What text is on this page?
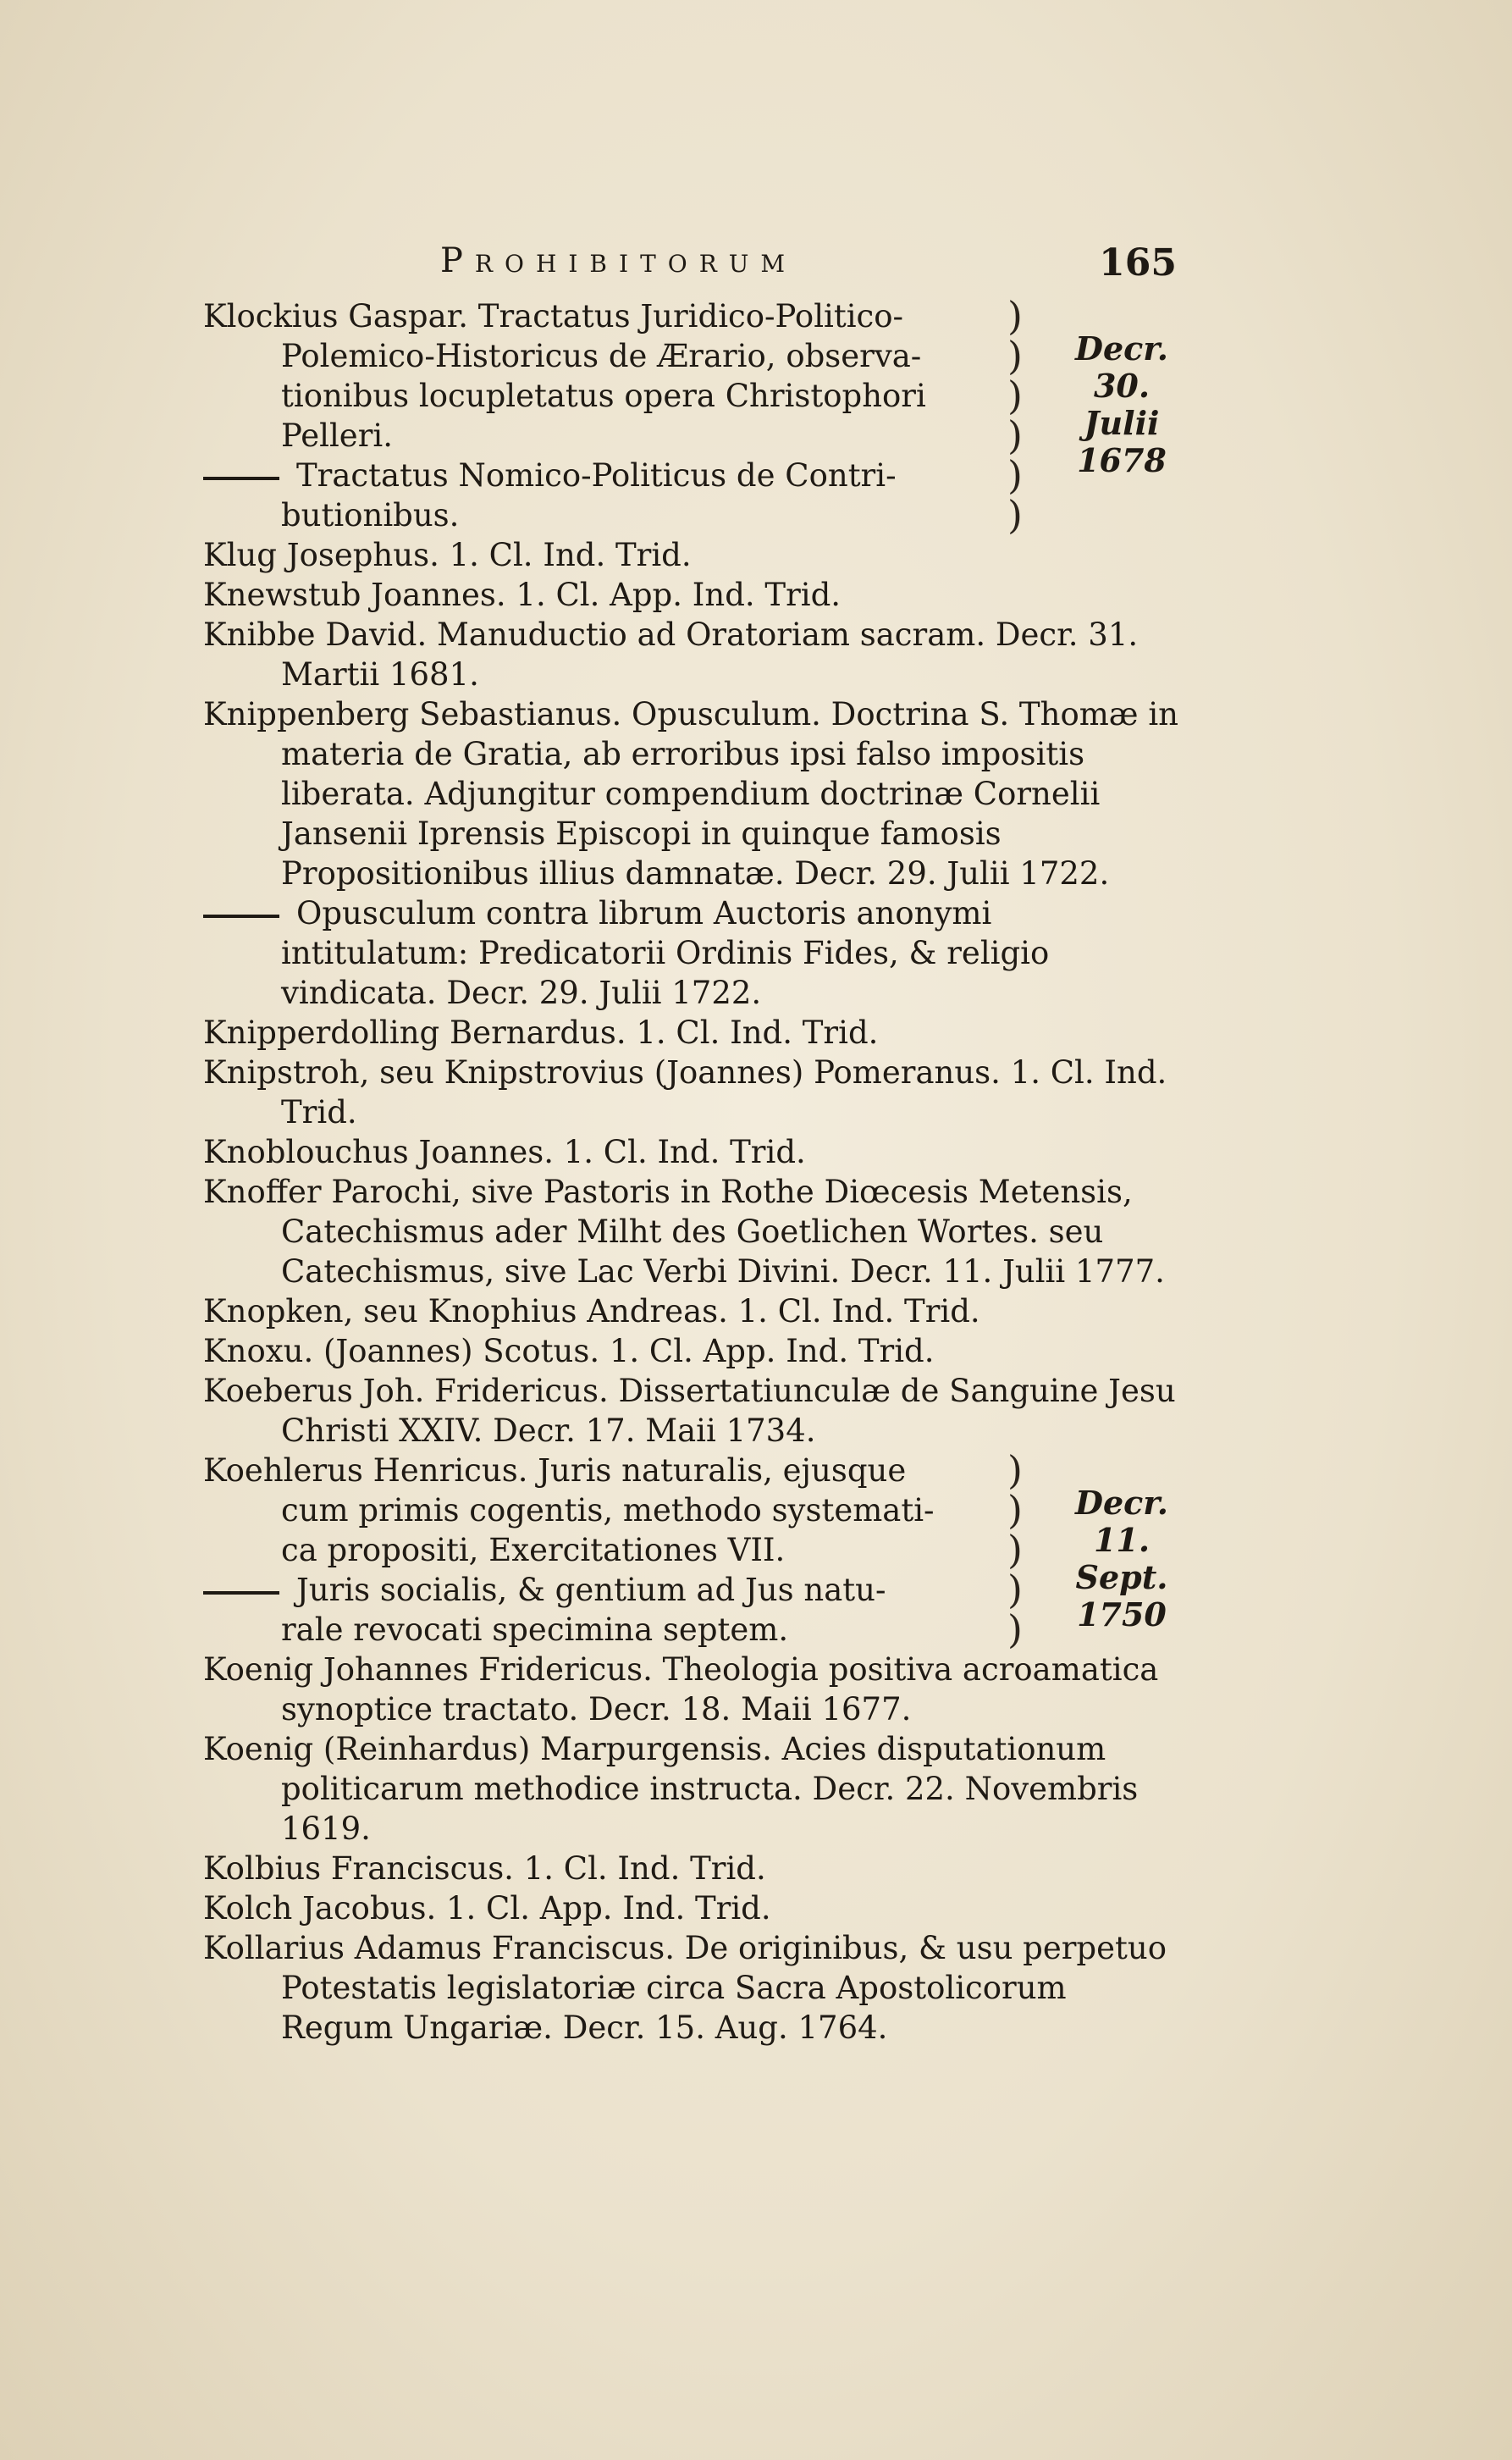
Prohibitorum	165
Klockius Gaspar. Tractatus Juridico-Politico-
Polemico-Historicus de Ærario, observa-
tionibus locupletatus opera Christophori
Pelleri.
Tractatus Nomico-Politicus de Contri-
butionibus.
)
)
)
)
)
)
Decr.
30. Julii
1678
Klug Josephus. 1. Cl. Ind. Trid.
Knewstub Joannes. 1. Cl. App. Ind. Trid.
Knibbe David. Manuductio ad Oratoriam sacram. Decr. 31. Martii 1681.
Knippenberg Sebastianus. Opusculum. Doctrina S. Thomæ in materia de Gratia, ab erroribus ipsi falso impositis liberata. Adjungitur compendium doctrinæ Cornelii Jansenii Iprensis Episcopi in quinque famosis Propositionibus illius damnatæ. Decr. 29. Julii 1722.
Opusculum contra librum Auctoris anonymi intitulatum: Predicatorii Ordinis Fides, & religio vindicata. Decr. 29. Julii 1722.
Knipperdolling Bernardus. 1. Cl. Ind. Trid.
Knipstroh, seu Knipstrovius (Joannes) Pomeranus. 1. Cl. Ind. Trid.
Knoblouchus Joannes. 1. Cl. Ind. Trid.
Knoffer Parochi, sive Pastoris in Rothe Diœcesis Metensis, Catechismus ader Milht des Goetlichen Wortes. seu Catechismus, sive Lac Verbi Divini. Decr. 11. Julii 1777.
Knopken, seu Knophius Andreas. 1. Cl. Ind. Trid.
Knoxu. (Joannes) Scotus. 1. Cl. App. Ind. Trid.
Koeberus Joh. Fridericus. Dissertatiunculæ de Sanguine Jesu Christi XXIV. Decr. 17. Maii 1734.
Koehlerus Henricus. Juris naturalis, ejusque
cum primis cogentis, methodo systemati-
ca propositi, Exercitationes VII.
Juris socialis, & gentium ad Jus natu-
rale revocati specimina septem.
)
)
)
)
)
Decr.
11. Sept.
1750
Koenig Johannes Fridericus. Theologia positiva acroamatica synoptice tractato. Decr. 18. Maii 1677.
Koenig (Reinhardus) Marpurgensis. Acies disputationum politicarum methodice instructa. Decr. 22. Novembris 1619.
Kolbius Franciscus. 1. Cl. Ind. Trid.
Kolch Jacobus. 1. Cl. App. Ind. Trid.
Kollarius Adamus Franciscus. De originibus, & usu perpetuo Potestatis legislatoriæ circa Sacra Apostolicorum Regum Ungariæ. Decr. 15. Aug. 1764.
